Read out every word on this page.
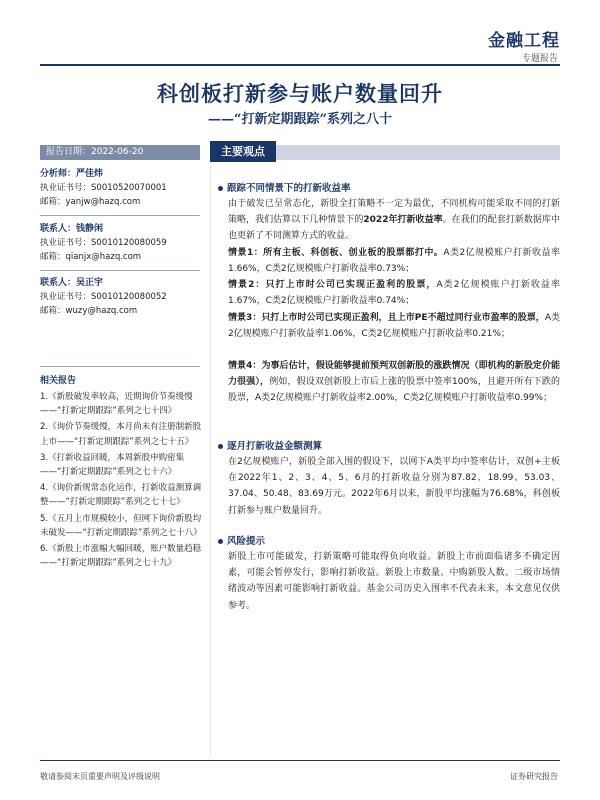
金融工程
专题报告
科创板打新参与账户数量回升
——“打新定期跟踪”系列之八十
报告日期：2022-06-20	主要观点
分析师：严佳炜
执业证书号：S0010520070001
邮箱：yanjw@hazq.com
联系人：钱静闲
执业证书号：S0010120080059
邮箱：qianjx@hazq.com
联系人：吴正宇
执业证书号：S0010120080052
邮箱：wuzy@hazq.com
相关报告
1.《新股破发率较高，近期询价节奏缓慢——“打新定期跟踪”系列之七十四》
2.《询价节奏缓慢，本月尚未有注册制新股上市——“打新定期跟踪”系列之七十五》
3.《打新收益回暖，本周新股申购密集——“打新定期跟踪”系列之七十六》
4.《询价新规常态化运作，打新收益测算调整——“打新定期跟踪”系列之七十七》
5.《五月上市规模较小，但网下询价新股均未破发——“打新定期跟踪”系列之七十八》
6.《新股上市涨幅大幅回暖，账户数量趋稳——“打新定期跟踪”系列之七十九》
跟踪不同情景下的打新收益率
由于破发已呈常态化，新股全打策略不一定为最优，不同机构可能采取不同的打新策略，我们估算以下几种情景下的2022年打新收益率。在我们的配套打新数据库中也更新了不同测算方式的收益。
情景1：所有主板、科创板、创业板的股票都打中。A类2亿规模账户打新收益率1.66%，C类2亿规模账户打新收益率0.73%；
情景2：只打上市时公司已实现正盈利的股票，A类2亿规模账户打新收益率1.67%，C类2亿规模账户打新收益率0.74%；
情景3：只打上市时公司已实现正盈利，且上市PE不超过同行业市盈率的股票，A类2亿规模账户打新收益率1.06%，C类2亿规模账户打新收益率0.21%；
情景4：为事后估计，假设能够提前预判双创新股的涨跌情况（即机构的新股定价能力很强），例如，假设双创新股上市后上涨的股票中签率100%，且避开所有下跌的股票，A类2亿规模账户打新收益率2.00%，C类2亿规模账户打新收益率0.99%；
逐月打新收益金额测算
在2亿规模账户，新股全部入围的假设下，以网下A类平均中签率估计，双创+主板在2022年1、2、3、4、5、6月的打新收益分别为87.82、18.99、53.03、37.04、50.48、83.69万元。2022年6月以来，新股平均涨幅为76.68%，科创板打新参与账户数量回升。
风险提示
新股上市可能破发，打新策略可能取得负向收益。新股上市前面临诸多不确定因素，可能会暂停发行，影响打新收益。新股上市数量、中购新股人数、二级市场情绪波动等因素可能影响打新收益。基金公司历史入围率不代表未来，本文意见仅供参考。
敬请参阅末页重要声明及评级说明	证券研究报告
